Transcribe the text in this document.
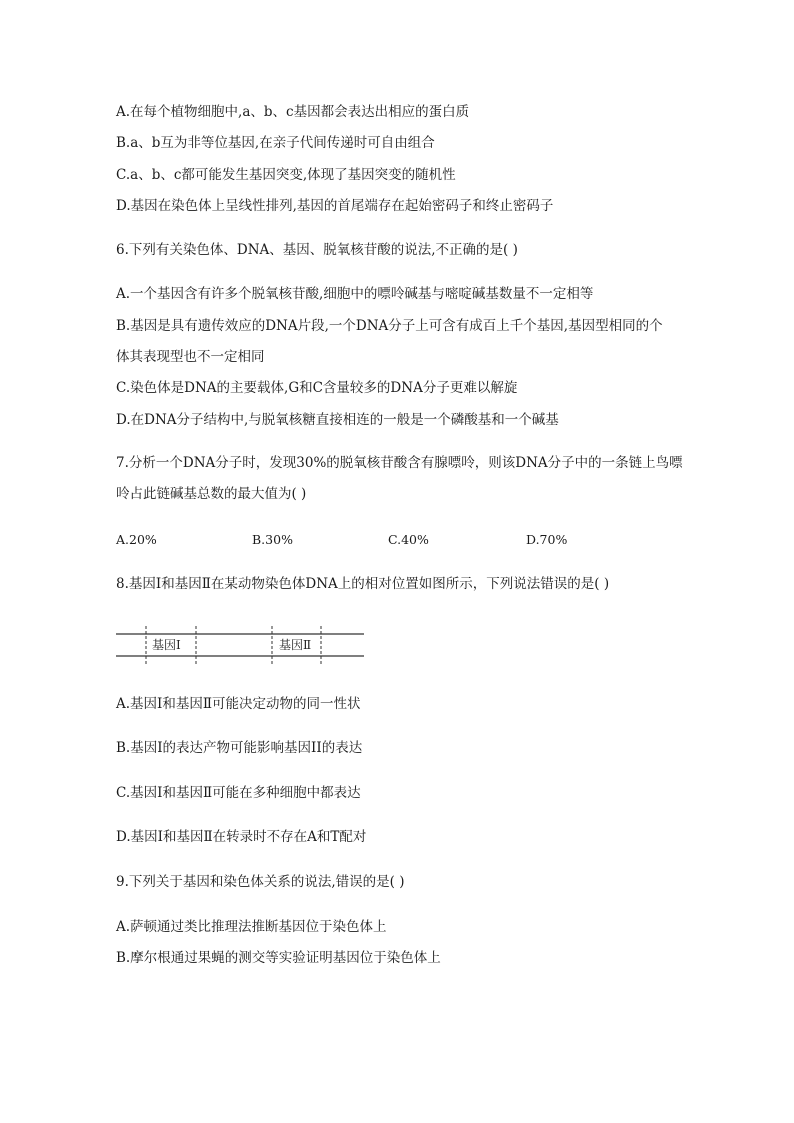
A.在每个植物细胞中,a、b、c基因都会表达出相应的蛋白质
B.a、b互为非等位基因,在亲子代间传递时可自由组合
C.a、b、c都可能发生基因突变,体现了基因突变的随机性
D.基因在染色体上呈线性排列,基因的首尾端存在起始密码子和终止密码子
6.下列有关染色体、DNA、基因、脱氧核苷酸的说法,不正确的是( )
A.一个基因含有许多个脱氧核苷酸,细胞中的嘌呤碱基与嘧啶碱基数量不一定相等
B.基因是具有遗传效应的DNA片段,一个DNA分子上可含有成百上千个基因,基因型相同的个
体其表现型也不一定相同
C.染色体是DNA的主要载体,G和C含量较多的DNA分子更难以解旋
D.在DNA分子结构中,与脱氧核糖直接相连的一般是一个磷酸基和一个碱基
7.分析一个DNA分子时，发现30%的脱氧核苷酸含有腺嘌呤，则该DNA分子中的一条链上鸟嘌
呤占此链碱基总数的最大值为( )
A.20%	B.30%	C.40%	D.70%
8.基因Ⅰ和基因Ⅱ在某动物染色体DNA上的相对位置如图所示，下列说法错误的是( )
基因Ⅰ	基因Ⅱ
A.基因Ⅰ和基因Ⅱ可能决定动物的同一性状
B.基因Ⅰ的表达产物可能影响基因II的表达
C.基因Ⅰ和基因Ⅱ可能在多种细胞中都表达
D.基因Ⅰ和基因Ⅱ在转录时不存在A和T配对
9.下列关于基因和染色体关系的说法,错误的是( )
A.萨顿通过类比推理法推断基因位于染色体上
B.摩尔根通过果蝇的测交等实验证明基因位于染色体上
